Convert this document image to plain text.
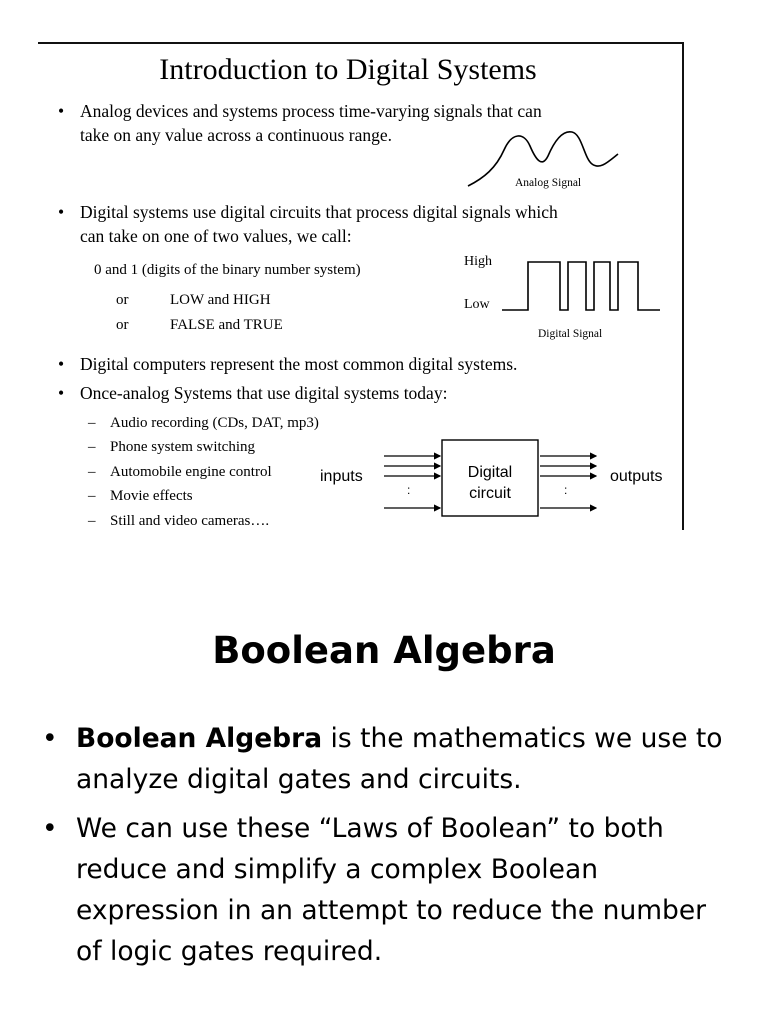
Introduction to Digital Systems
• Analog devices and systems process time-varying signals that can
take on any value across a continuous range.
Analog Signal
• Digital systems use digital circuits that process digital signals which
can take on one of two values, we call:
0 and 1 (digits of the binary number system)
or	LOW and HIGH
or	FALSE and TRUE
High
Low
Digital Signal
• Digital computers represent the most common digital systems.
• Once-analog Systems that use digital systems today:
– Audio recording (CDs, DAT, mp3)
– Phone system switching
– Automobile engine control
– Movie effects
– Still and video cameras….
inputs	outputs
:	:
Digital
circuit
Boolean Algebra
• Boolean Algebra is the mathematics we use to analyze digital gates and circuits.
• We can use these “Laws of Boolean” to both reduce and simplify a complex Boolean expression in an attempt to reduce the number of logic gates required.
